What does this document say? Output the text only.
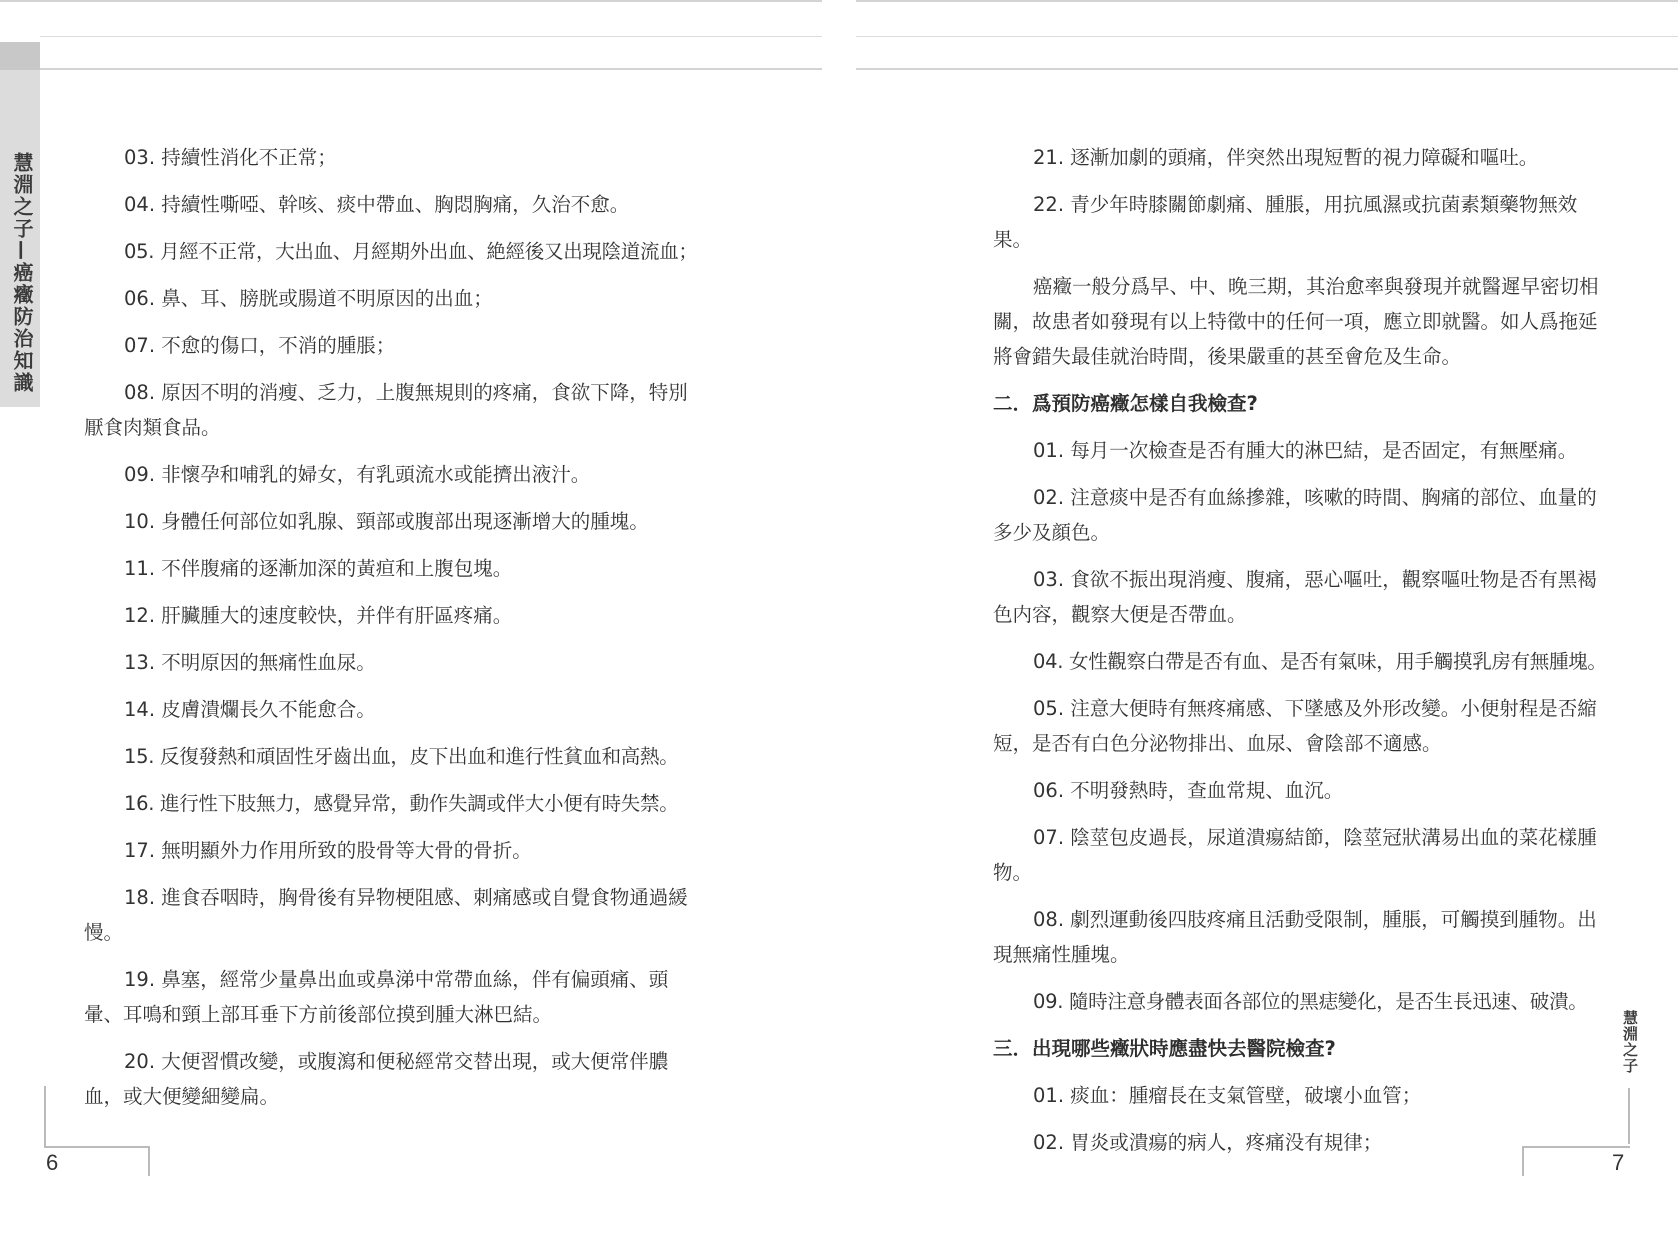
慧淵之子—癌癥防治知識
慧淵之子

03. 持續性消化不正常；

04. 持續性嘶啞、幹咳、痰中帶血、胸悶胸痛，久治不愈。

05. 月經不正常，大出血、月經期外出血、絶經後又出現陰道流血；

06. 鼻、耳、膀胱或腸道不明原因的出血；

07. 不愈的傷口，不消的腫脹；

08. 原因不明的消瘦、乏力，上腹無規則的疼痛，食欲下降，特別厭食肉類食品。

09. 非懷孕和哺乳的婦女，有乳頭流水或能擠出液汁。

10. 身體任何部位如乳腺、頸部或腹部出現逐漸增大的腫塊。

11. 不伴腹痛的逐漸加深的黃疸和上腹包塊。

12. 肝臟腫大的速度較快，并伴有肝區疼痛。

13. 不明原因的無痛性血尿。

14. 皮膚潰爛長久不能愈合。

15. 反復發熱和頑固性牙齒出血，皮下出血和進行性貧血和高熱。

16. 進行性下肢無力，感覺异常，動作失調或伴大小便有時失禁。

17. 無明顯外力作用所致的股骨等大骨的骨折。

18. 進食吞咽時，胸骨後有异物梗阻感、刺痛感或自覺食物通過緩慢。

19. 鼻塞，經常少量鼻出血或鼻涕中常帶血絲，伴有偏頭痛、頭暈、耳鳴和頸上部耳垂下方前後部位摸到腫大淋巴結。

20. 大便習慣改變，或腹瀉和便秘經常交替出現，或大便常伴膿血，或大便變細變扁。

6

21. 逐漸加劇的頭痛，伴突然出現短暫的視力障礙和嘔吐。

22. 青少年時膝關節劇痛、腫脹，用抗風濕或抗菌素類藥物無效果。

癌癥一般分爲早、中、晚三期，其治愈率與發現并就醫遲早密切相關，故患者如發現有以上特徵中的任何一項，應立即就醫。如人爲拖延將會錯失最佳就治時間，後果嚴重的甚至會危及生命。

二．爲預防癌癥怎樣自我檢查?

01. 每月一次檢查是否有腫大的淋巴結，是否固定，有無壓痛。

02. 注意痰中是否有血絲摻雜，咳嗽的時間、胸痛的部位、血量的多少及顔色。

03. 食欲不振出現消瘦、腹痛，惡心嘔吐，觀察嘔吐物是否有黑褐色内容，觀察大便是否帶血。

04. 女性觀察白帶是否有血、是否有氣味，用手觸摸乳房有無腫塊。

05. 注意大便時有無疼痛感、下墜感及外形改變。小便射程是否縮短，是否有白色分泌物排出、血尿、會陰部不適感。

06. 不明發熱時，查血常規、血沉。

07. 陰莖包皮過長，尿道潰瘍結節，陰莖冠狀溝易出血的菜花樣腫物。

08. 劇烈運動後四肢疼痛且活動受限制，腫脹，可觸摸到腫物。出現無痛性腫塊。

09. 隨時注意身體表面各部位的黑痣變化，是否生長迅速、破潰。

三．出現哪些癥狀時應盡快去醫院檢查?

01. 痰血：腫瘤長在支氣管壁，破壞小血管；

02. 胃炎或潰瘍的病人，疼痛没有規律；

7
